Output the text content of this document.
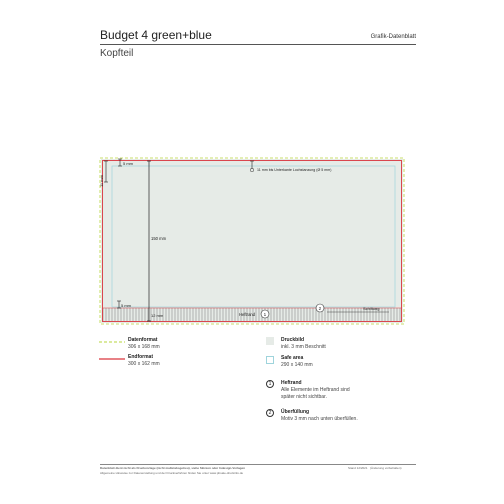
Budget 4 green+blue	Grafik-Datenblatt
Kopfteil
5 mm
11 mm
11 mm bis Unterkante Lochstanzung (Ø 5 mm)
150 mm
5 mm
12 mm	Heftrand 1
2	Schiltung
Datenformat
306 x 168 mm
Endformat
300 x 162 mm
Druckbild
inkl. 3 mm Beschnitt
Safe area
290 x 140 mm
1	Heftrand
Alle Elemente im Heftrand sind
später nicht sichtbar.
2	Überfüllung
Motiv 3 mm nach unten überfüllen.
Datenblatt dient nicht als Druckvorlage (nicht maßstabsgetreu), siehe Skizzen oder Indesign-Vorlagen
Allgemeine Hinweise zur Datenerstellung und der Druckverfahren finden Sie unter www.pbsale-druckinfo.de
Stand 12/2021 (Änderung vorbehalten)
